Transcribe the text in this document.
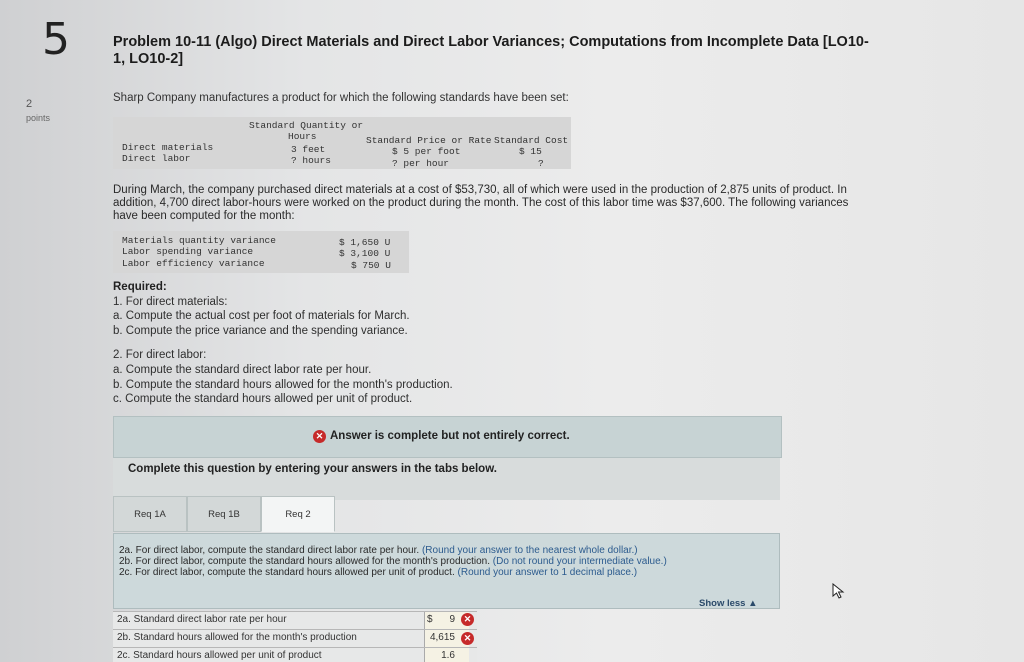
5
2
points
Problem 10-11 (Algo) Direct Materials and Direct Labor Variances; Computations from Incomplete Data [LO10-1, LO10-2]
Sharp Company manufactures a product for which the following standards have been set:
Standard Quantity or
Hours	Standard Price or Rate Standard Cost
Direct materials	3 feet	$ 5 per foot	$ 15
Direct labor	? hours	? per hour	?
During March, the company purchased direct materials at a cost of $53,730, all of which were used in the production of 2,875 units of product. In addition, 4,700 direct labor-hours were worked on the product during the month. The cost of this labor time was $37,600. The following variances have been computed for the month:
Materials quantity variance	$ 1,650 U
Labor spending variance	$ 3,100 U
Labor efficiency variance	$ 750 U
Required:
1. For direct materials:
a. Compute the actual cost per foot of materials for March.
b. Compute the price variance and the spending variance.
2. For direct labor:
a. Compute the standard direct labor rate per hour.
b. Compute the standard hours allowed for the month's production.
c. Compute the standard hours allowed per unit of product.
✕ Answer is complete but not entirely correct.
Complete this question by entering your answers in the tabs below.
Req 1A	Req 1B	Req 2
2a. For direct labor, compute the standard direct labor rate per hour. (Round your answer to the nearest whole dollar.)
2b. For direct labor, compute the standard hours allowed for the month's production. (Do not round your intermediate value.)
2c. For direct labor, compute the standard hours allowed per unit of product. (Round your answer to 1 decimal place.)
Show less ▲
2a. Standard direct labor rate per hour	$ 9
2b. Standard hours allowed for the month's production	4,615
2c. Standard hours allowed per unit of product	1.6
✕
✕
